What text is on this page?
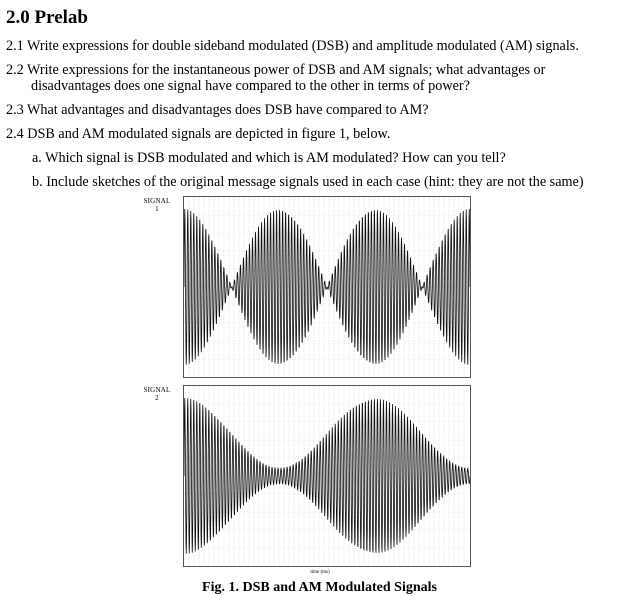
2.0 Prelab

2.1 Write expressions for double sideband modulated (DSB) and amplitude modulated (AM) signals.

2.2 Write expressions for the instantaneous power of DSB and AM signals; what advantages or
disadvantages does one signal have compared to the other in terms of power?

2.3 What advantages and disadvantages does DSB have compared to AM?

2.4 DSB and AM modulated signals are depicted in figure 1, below.

a. Which signal is DSB modulated and which is AM modulated? How can you tell?

b. Include sketches of the original message signals used in each case (hint: they are not the same)

SIGNAL
1
SIGNAL
2
time (ms)

Fig. 1. DSB and AM Modulated Signals
